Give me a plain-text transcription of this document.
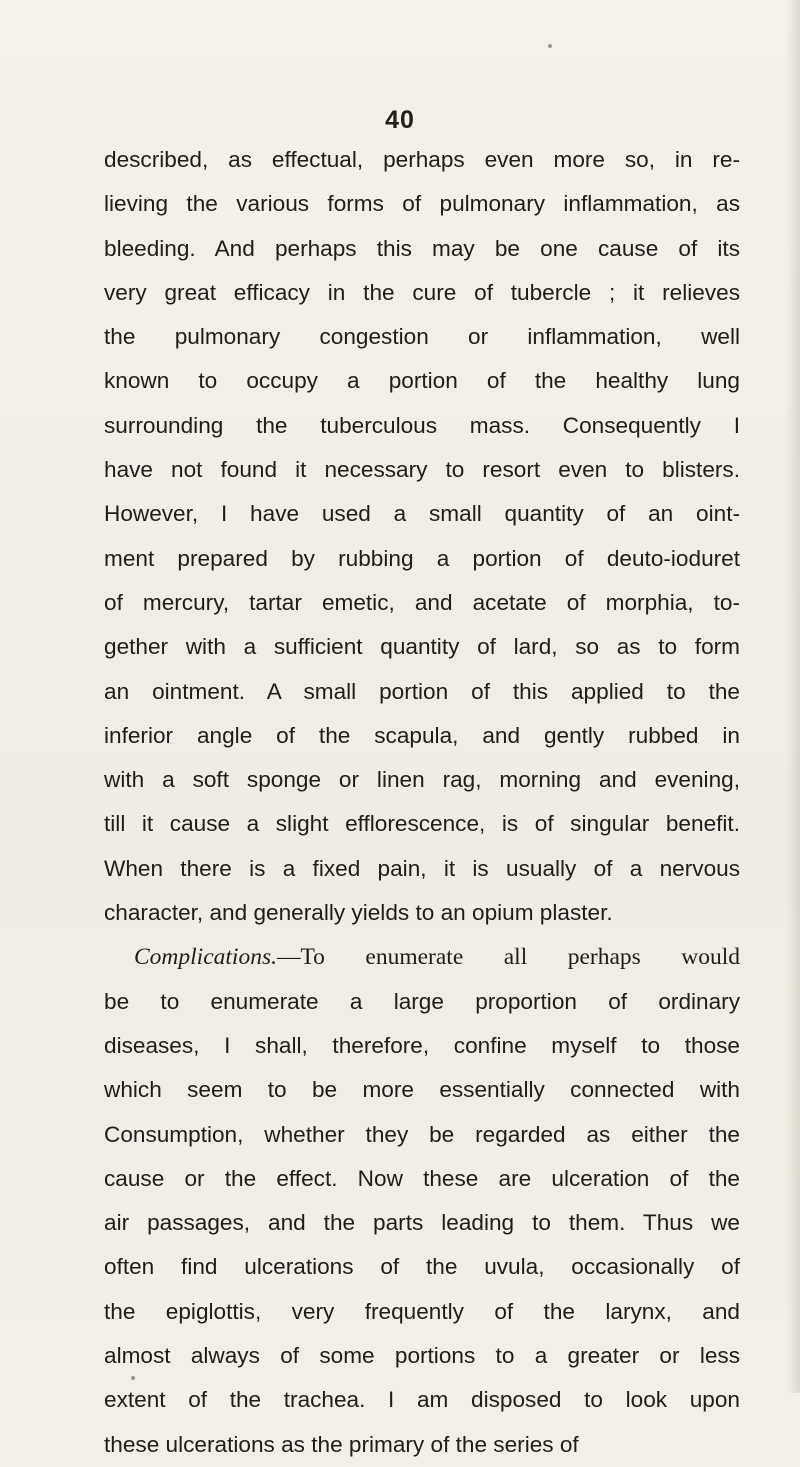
40
described, as effectual, perhaps even more so, in re-
lieving the various forms of pulmonary inflammation, as
bleeding. And perhaps this may be one cause of its
very great efficacy in the cure of tubercle ; it relieves
the pulmonary congestion or inflammation, well
known to occupy a portion of the healthy lung
surrounding the tuberculous mass. Consequently I
have not found it necessary to resort even to blisters.
However, I have used a small quantity of an oint-
ment prepared by rubbing a portion of deuto-ioduret
of mercury, tartar emetic, and acetate of morphia, to-
gether with a sufficient quantity of lard, so as to form
an ointment. A small portion of this applied to the
inferior angle of the scapula, and gently rubbed in
with a soft sponge or linen rag, morning and evening,
till it cause a slight efflorescence, is of singular benefit.
When there is a fixed pain, it is usually of a nervous
character, and generally yields to an opium plaster.
Complications.—To enumerate all perhaps would
be to enumerate a large proportion of ordinary
diseases, I shall, therefore, confine myself to those
which seem to be more essentially connected with
Consumption, whether they be regarded as either the
cause or the effect. Now these are ulceration of the
air passages, and the parts leading to them. Thus we
often find ulcerations of the uvula, occasionally of
the epiglottis, very frequently of the larynx, and
almost always of some portions to a greater or less
extent of the trachea. I am disposed to look upon
these ulcerations as the primary of the series of
